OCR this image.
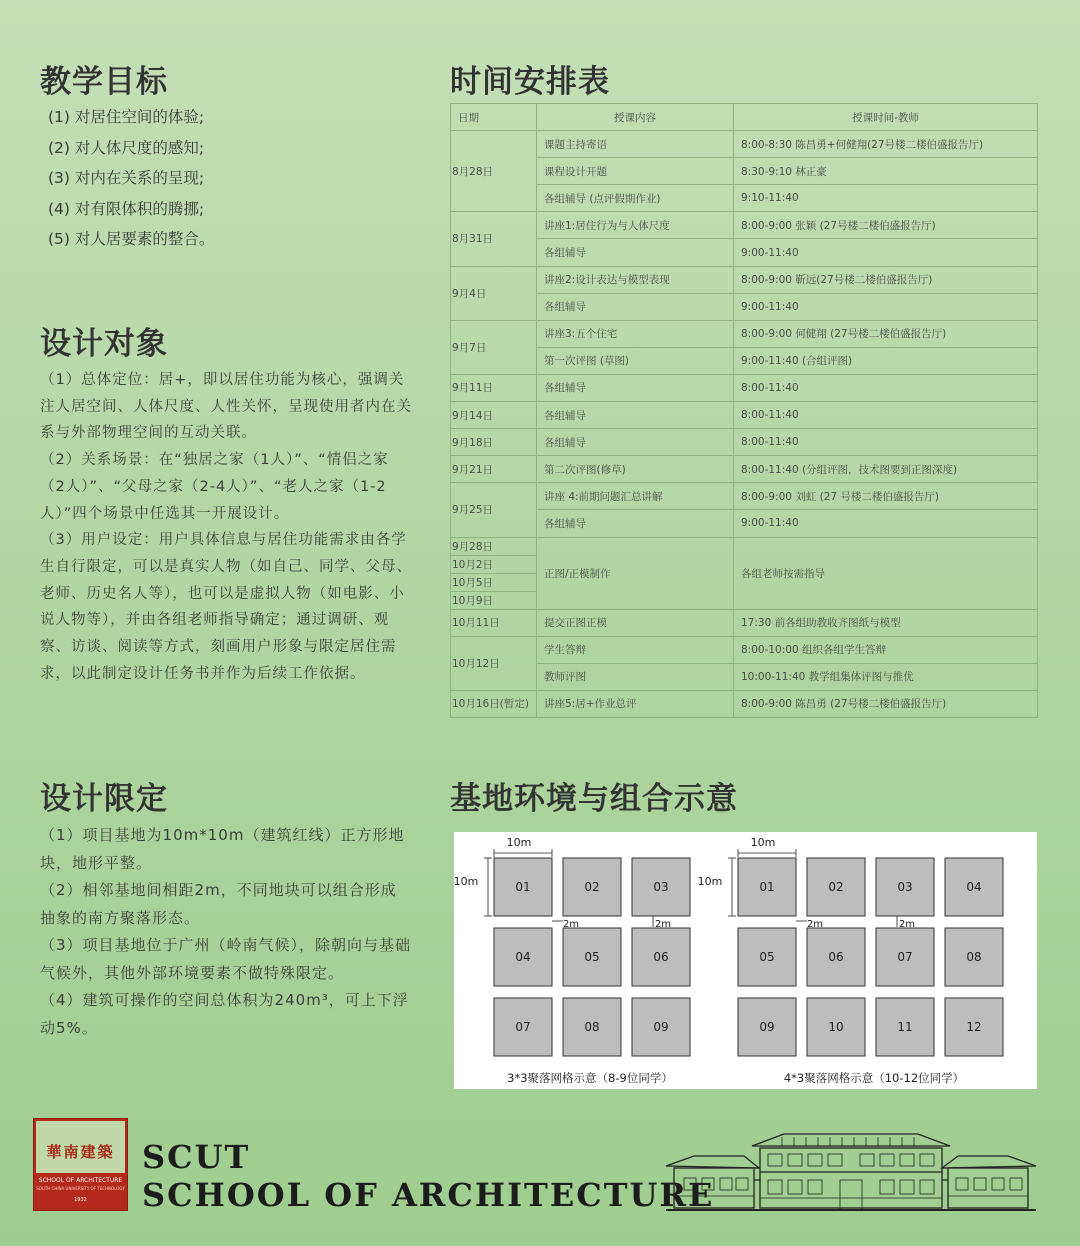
教学目标
(1) 对居住空间的体验;
(2) 对人体尺度的感知;
(3) 对内在关系的呈现;
(4) 对有限体积的腾挪;
(5) 对人居要素的整合。
设计对象

（1）总体定位：居+，即以居住功能为核心，强调关注人居空间、人体尺度、人性关怀，呈现使用者内在关系与外部物理空间的互动关联。

（2）关系场景：在“独居之家（1人）”、“情侣之家（2人）”、“父母之家（2-4人）”、“老人之家（1-2人）”四个场景中任选其一开展设计。

（3）用户设定：用户具体信息与居住功能需求由各学生自行限定，可以是真实人物（如自己、同学、父母、老师、历史名人等），也可以是虚拟人物（如电影、小说人物等），并由各组老师指导确定；通过调研、观察、访谈、阅读等方式，刻画用户形象与限定居住需求，以此制定设计任务书并作为后续工作依据。

设计限定

（1）项目基地为10m*10m（建筑红线）正方形地块，地形平整。

（2）相邻基地间相距2m，不同地块可以组合形成抽象的南方聚落形态。

（3）项目基地位于广州（岭南气候），除朝向与基础气候外，其他外部环境要素不做特殊限定。

（4）建筑可操作的空间总体积为240m³，可上下浮动5%。

时间安排表
日期	授课内容	授课时间-教师
8月28日	课题主持寄语	8:00-8:30 陈昌勇+何健翔(27号楼二楼伯盛报告厅)
	课程设计开题	8:30-9:10 林正豪
	各组辅导 (点评假期作业)	9:10-11:40
8月31日	讲座1:居住行为与人体尺度	8:00-9:00 张颖 (27号楼二楼伯盛报告厅)
	各组辅导	9:00-11:40
9月4日	讲座2:设计表达与模型表现	8:00-9:00 靳远(27号楼二楼伯盛报告厅)
	各组辅导	9:00-11:40
9月7日	讲座3:五个住宅	8:00-9:00 何健翔 (27号楼二楼伯盛报告厅)
	第一次评图 (草图)	9:00-11:40 (合组评图)
9月11日	各组辅导	8:00-11:40
9月14日	各组辅导	8:00-11:40
9月18日	各组辅导	8:00-11:40
9月21日	第二次评图(修草)	8:00-11:40 (分组评图，技术图要到正图深度)
9月25日	讲座 4:前期问题汇总讲解	8:00-9:00 刘虹 (27 号楼二楼伯盛报告厅)
	各组辅导	9:00-11:40
9月28日	正图/正模制作	各组老师按需指导
10月2日		
10月5日		
10月9日		
10月11日	提交正图正模	17:30 前各组助教收齐图纸与模型
10月12日	学生答辩	8:00-10:00 组织各组学生答辩
	教师评图	10:00-11:40 教学组集体评图与推优
10月16日(暂定)	讲座5:居+作业总评	8:00-9:00 陈昌勇 (27号楼二楼伯盛报告厅)
基地环境与组合示意
01	02	03
04	05	06
07	08	09
10m
10m
2m	2m
01	02	03	04
05	06	07	08
09	10	11	12
10m
10m
2m	2m
3*3聚落网格示意（8-9位同学）	4*3聚落网格示意（10-12位同学）
華南建築
SCHOOL OF ARCHITECTURE
SOUTH CHINA UNIVERSITY OF TECHNOLOGY
1932
SCUT
SCHOOL OF ARCHITECTURE
